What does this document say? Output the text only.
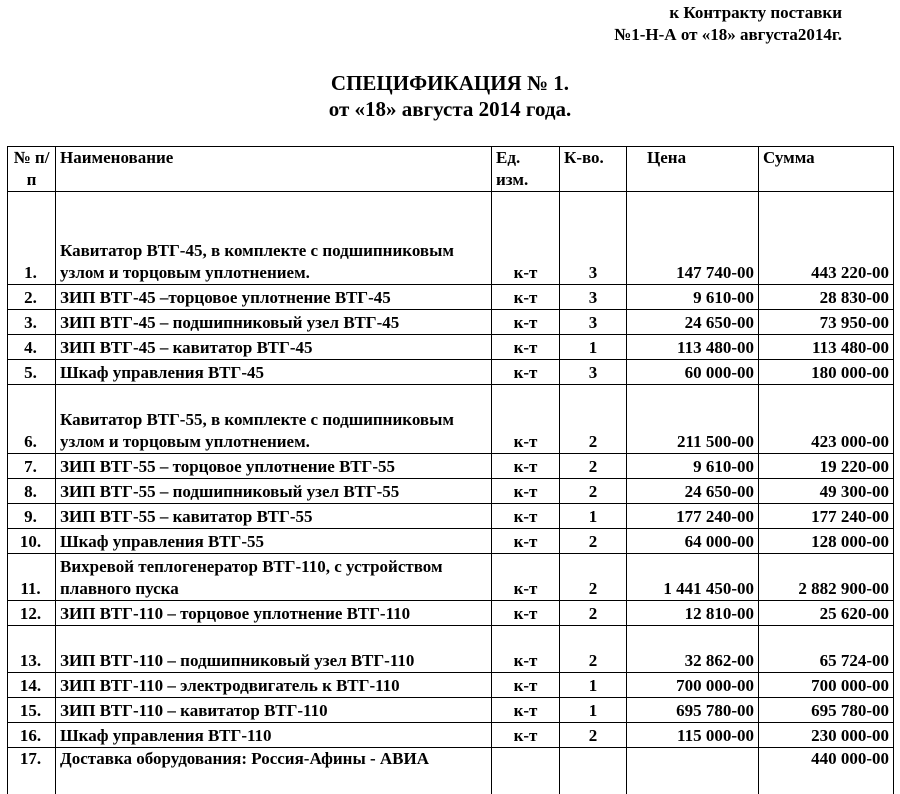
к Контракту поставки
№1-Н-А от «18» августа2014г.
СПЕЦИФИКАЦИЯ № 1.
от «18» августа 2014 года.
№ п/п	Наименование	Ед. изм.	К-во.	Цена	Сумма
1.	Кавитатор ВТГ-45, в комплекте с подшипниковым узлом и торцовым уплотнением.	к-т	3	147 740-00	443 220-00
2.	ЗИП ВТГ-45 –торцовое уплотнение ВТГ-45	к-т	3	9 610-00	28 830-00
3.	ЗИП ВТГ-45 – подшипниковый узел ВТГ-45	к-т	3	24 650-00	73 950-00
4.	ЗИП ВТГ-45 – кавитатор ВТГ-45	к-т	1	113 480-00	113 480-00
5.	Шкаф управления ВТГ-45	к-т	3	60 000-00	180 000-00
6.	Кавитатор ВТГ-55, в комплекте с подшипниковым узлом и торцовым уплотнением.	к-т	2	211 500-00	423 000-00
7.	ЗИП ВТГ-55 – торцовое уплотнение ВТГ-55	к-т	2	9 610-00	19 220-00
8.	ЗИП ВТГ-55 – подшипниковый узел ВТГ-55	к-т	2	24 650-00	49 300-00
9.	ЗИП ВТГ-55 – кавитатор ВТГ-55	к-т	1	177 240-00	177 240-00
10.	Шкаф управления ВТГ-55	к-т	2	64 000-00	128 000-00
11.	Вихревой теплогенератор ВТГ-110, с устройством плавного пуска	к-т	2	1 441 450-00	2 882 900-00
12.	ЗИП ВТГ-110 – торцовое уплотнение ВТГ-110	к-т	2	12 810-00	25 620-00
13.	ЗИП ВТГ-110 – подшипниковый узел ВТГ-110	к-т	2	32 862-00	65 724-00
14.	ЗИП ВТГ-110 – электродвигатель к ВТГ-110	к-т	1	700 000-00	700 000-00
15.	ЗИП ВТГ-110 – кавитатор ВТГ-110	к-т	1	695 780-00	695 780-00
16.	Шкаф управления ВТГ-110	к-т	2	115 000-00	230 000-00
17.	Доставка оборудования: Россия-Афины - АВИА				440 000-00
